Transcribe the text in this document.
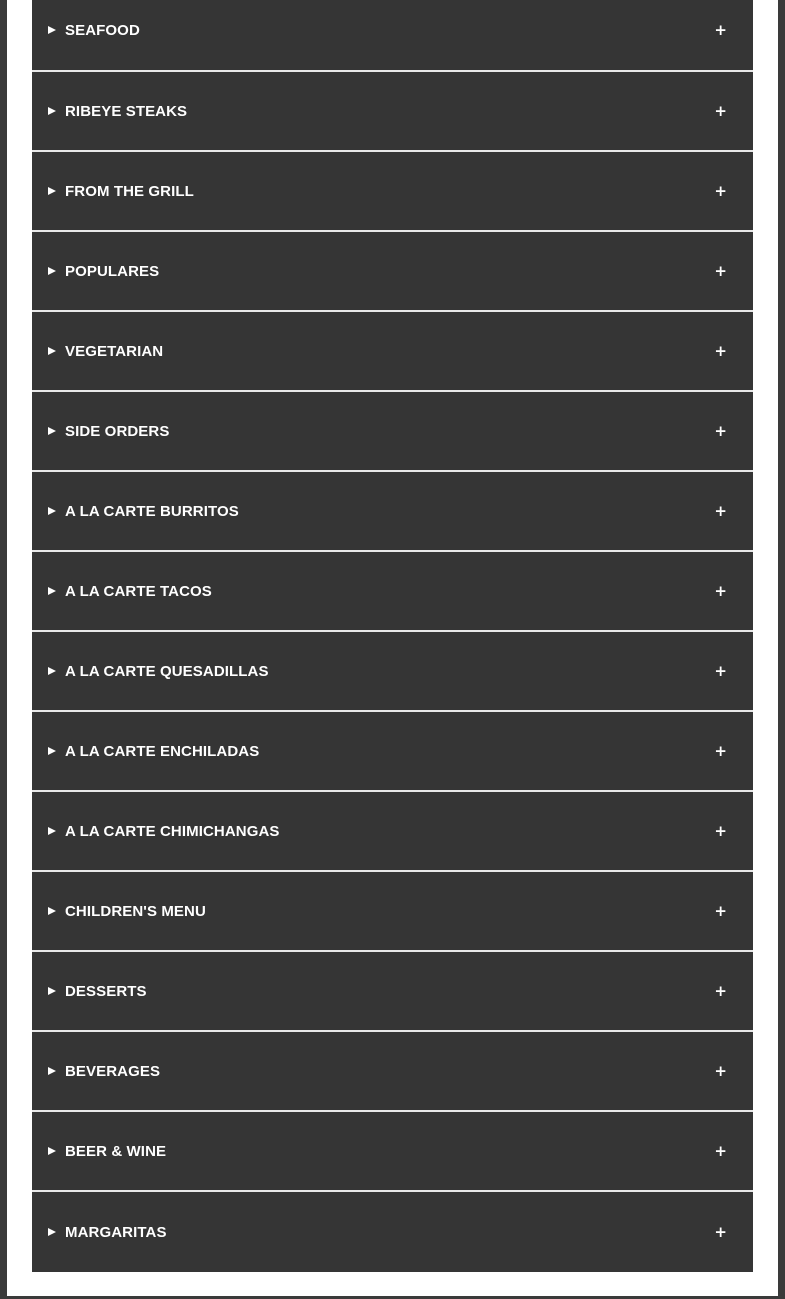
SEAFOOD	+
RIBEYE STEAKS	+
FROM THE GRILL	+
POPULARES	+
VEGETARIAN	+
SIDE ORDERS	+
A LA CARTE BURRITOS	+
A LA CARTE TACOS	+
A LA CARTE QUESADILLAS	+
A LA CARTE ENCHILADAS	+
A LA CARTE CHIMICHANGAS	+
CHILDREN'S MENU	+
DESSERTS	+
BEVERAGES	+
BEER & WINE	+
MARGARITAS	+
